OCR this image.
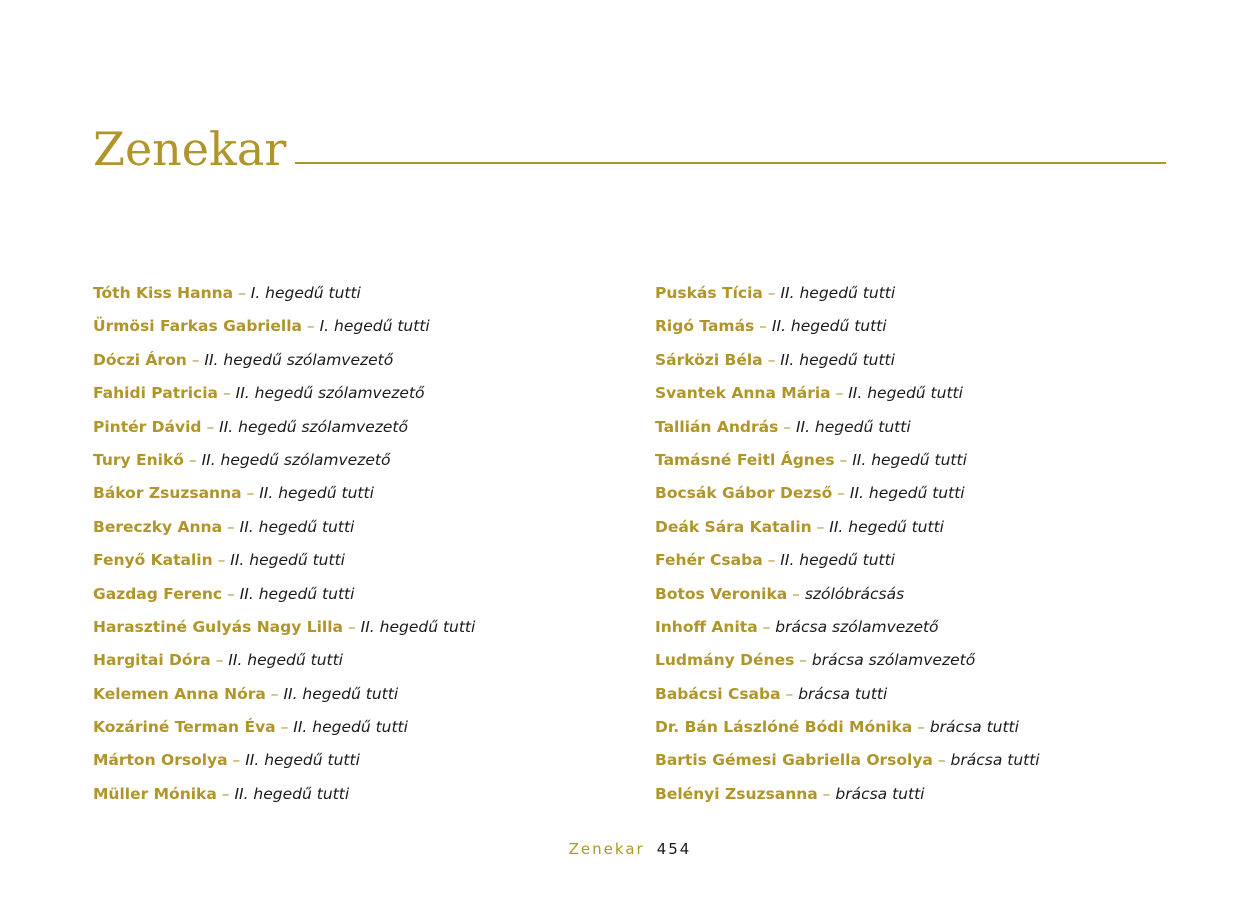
Zenekar
Tóth Kiss Hanna – I. hegedű tutti
Ürmösi Farkas Gabriella – I. hegedű tutti
Dóczi Áron – II. hegedű szólamvezető
Fahidi Patricia – II. hegedű szólamvezető
Pintér Dávid – II. hegedű szólamvezető
Tury Enikő – II. hegedű szólamvezető
Bákor Zsuzsanna – II. hegedű tutti
Bereczky Anna – II. hegedű tutti
Fenyő Katalin – II. hegedű tutti
Gazdag Ferenc – II. hegedű tutti
Harasztiné Gulyás Nagy Lilla – II. hegedű tutti
Hargitai Dóra – II. hegedű tutti
Kelemen Anna Nóra – II. hegedű tutti
Kozáriné Terman Éva – II. hegedű tutti
Márton Orsolya – II. hegedű tutti
Müller Mónika – II. hegedű tutti
Puskás Tícia – II. hegedű tutti
Rigó Tamás – II. hegedű tutti
Sárközi Béla – II. hegedű tutti
Svantek Anna Mária – II. hegedű tutti
Tallián András – II. hegedű tutti
Tamásné Feitl Ágnes – II. hegedű tutti
Bocsák Gábor Dezső – II. hegedű tutti
Deák Sára Katalin – II. hegedű tutti
Fehér Csaba – II. hegedű tutti
Botos Veronika – szólóbrácsás
Inhoff Anita – brácsa szólamvezető
Ludmány Dénes – brácsa szólamvezető
Babácsi Csaba – brácsa tutti
Dr. Bán Lászlóné Bódi Mónika – brácsa tutti
Bartis Gémesi Gabriella Orsolya – brácsa tutti
Belényi Zsuzsanna – brácsa tutti
Zenekar 454
